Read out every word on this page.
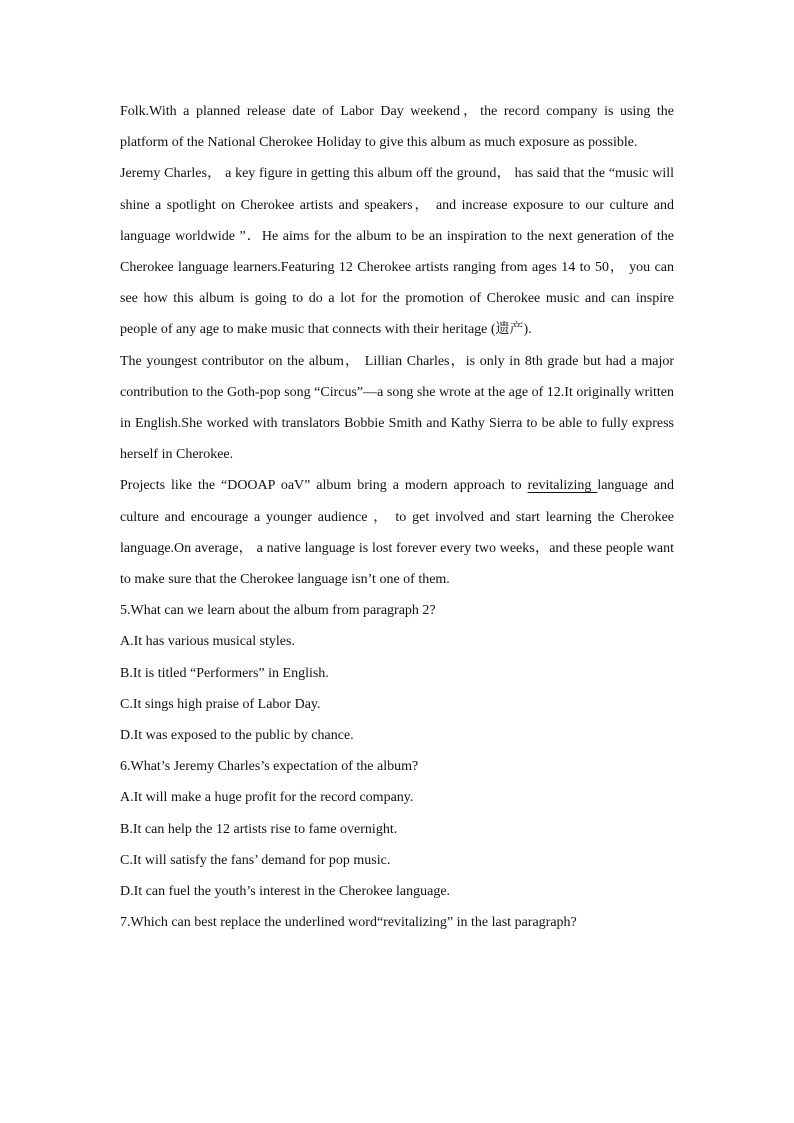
Folk.With a planned release date of Labor Day weekend，the record company is using the platform of the National Cherokee Holiday to give this album as much exposure as possible.

Jeremy Charles， a key figure in getting this album off the ground， has said that the “music will shine a spotlight on Cherokee artists and speakers， and increase exposure to our culture and language worldwide ”．He aims for the album to be an inspiration to the next generation of the Cherokee language learners.Featuring 12 Cherokee artists ranging from ages 14 to 50， you can see how this album is going to do a lot for the promotion of Cherokee music and can inspire people of any age to make music that connects with their heritage (遗产).

The youngest contributor on the album， Lillian Charles，is only in 8th grade but had a major contribution to the Goth-pop song “Circus”—a song she wrote at the age of 12.It originally written in English.She worked with translators Bobbie Smith and Kathy Sierra to be able to fully express herself in Cherokee.

Projects like the “DOOAP oaV” album bring a modern approach to revitalizing language and culture and encourage a younger audience ， to get involved and start learning the Cherokee language.On average， a native language is lost forever every two weeks，and these people want to make sure that the Cherokee language isn’t one of them.

5.What can we learn about the album from paragraph 2?

A.It has various musical styles.

B.It is titled “Performers” in English.

C.It sings high praise of Labor Day.

D.It was exposed to the public by chance.

6.What’s Jeremy Charles’s expectation of the album?

A.It will make a huge profit for the record company.

B.It can help the 12 artists rise to fame overnight.

C.It will satisfy the fans’ demand for pop music.

D.It can fuel the youth’s interest in the Cherokee language.

7.Which can best replace the underlined word“revitalizing” in the last paragraph?
